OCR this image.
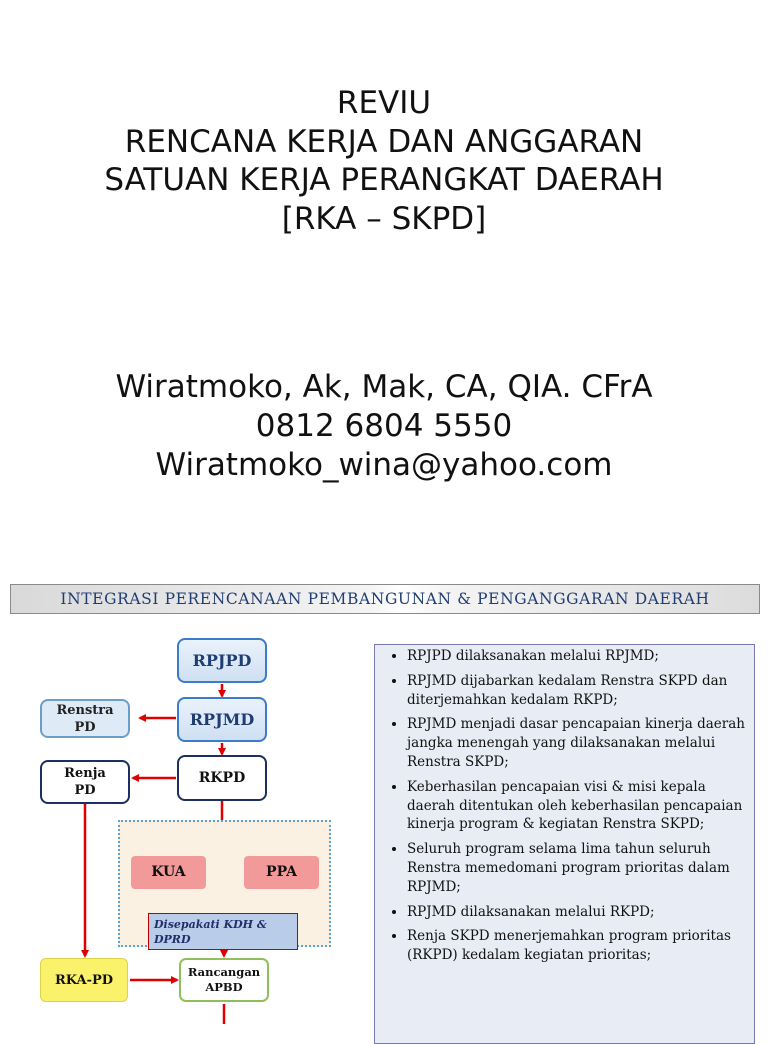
REVIU
RENCANA KERJA DAN ANGGARAN
SATUAN KERJA PERANGKAT DAERAH
[RKA – SKPD]
Wiratmoko, Ak, Mak, CA, QIA. CFrA
0812 6804 5550
Wiratmoko_wina@yahoo.com
INTEGRASI PERENCANAAN PEMBANGUNAN & PENGANGGARAN DAERAH
RPJPD
RPJMD
RKPD
Renstra
PD
Renja
PD
KUA	PPA
Disepakati KDH &
DPRD
RKA-PD
Rancangan
APBD
• RPJPD dilaksanakan melalui RPJMD;
• RPJMD dijabarkan kedalam Renstra SKPD dan diterjemahkan kedalam RKPD;
• RPJMD menjadi dasar pencapaian kinerja daerah jangka menengah yang dilaksanakan melalui Renstra SKPD;
• Keberhasilan pencapaian visi & misi kepala daerah ditentukan oleh keberhasilan pencapaian kinerja program & kegiatan Renstra SKPD;
• Seluruh program selama lima tahun seluruh Renstra memedomani program prioritas dalam RPJMD;
• RPJMD dilaksanakan melalui RKPD;
• Renja SKPD menerjemahkan program prioritas (RKPD) kedalam kegiatan prioritas;
